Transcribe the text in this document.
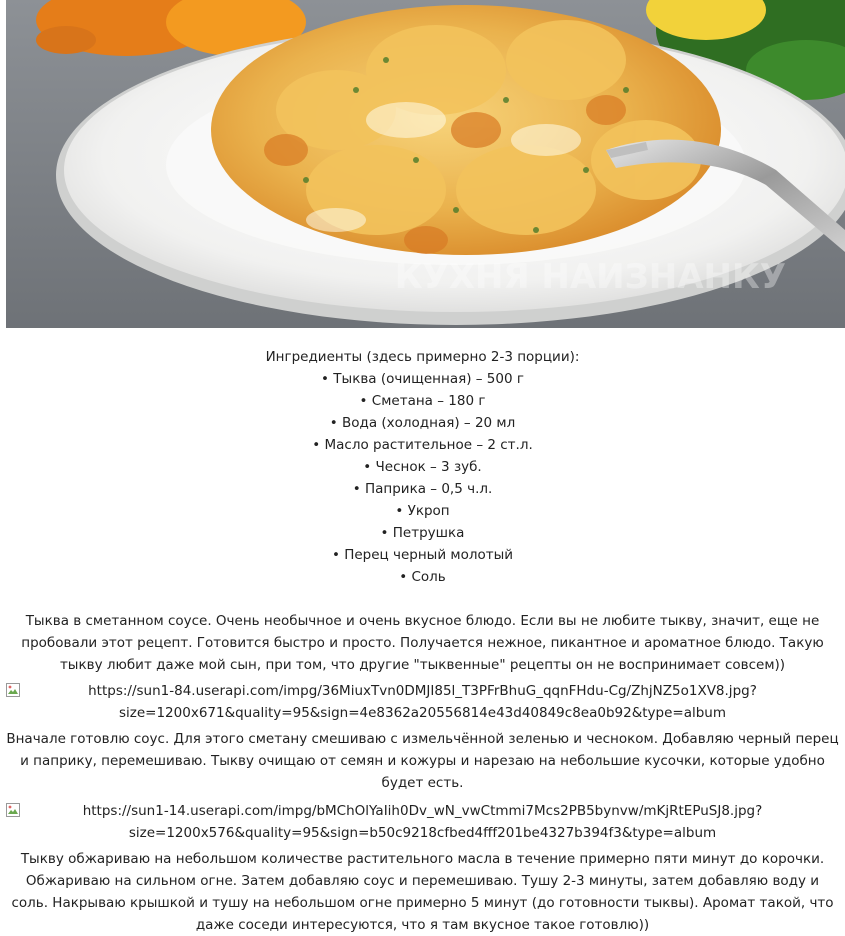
КУХНЯ НАИЗНАНКУ

Ингредиенты (здесь примерно 2-3 порции):

• Тыква (очищенная) – 500 г
• Сметана – 180 г
• Вода (холодная) – 20 мл
• Масло растительное – 2 ст.л.
• Чеснок – 3 зуб.
• Паприка – 0,5 ч.л.
• Укроп
• Петрушка
• Перец черный молотый
• Соль

Тыква в сметанном соусе. Очень необычное и очень вкусное блюдо. Если вы не любите тыкву, значит, еще не пробовали этот рецепт. Готовится быстро и просто. Получается нежное, пикантное и ароматное блюдо. Такую тыкву любит даже мой сын, при том, что другие "тыквенные" рецепты он не воспринимает совсем))

https://sun1-84.userapi.com/impg/36MiuxTvn0DMJI85l_T3PFrBhuG_qqnFHdu-Cg/ZhjNZ5o1XV8.jpg?size=1200x671&quality=95&sign=4e8362a20556814e43d40849c8ea0b92&type=album

Вначале готовлю соус. Для этого сметану смешиваю с измельчённой зеленью и чесноком. Добавляю черный перец и паприку, перемешиваю. Тыкву очищаю от семян и кожуры и нарезаю на небольшие кусочки, которые удобно будет есть.

https://sun1-14.userapi.com/impg/bMChOlYaIih0Dv_wN_vwCtmmi7Mcs2PB5bynvw/mKjRtEPuSJ8.jpg?size=1200x576&quality=95&sign=b50c9218cfbed4fff201be4327b394f3&type=album

Тыкву обжариваю на небольшом количестве растительного масла в течение примерно пяти минут до корочки. Обжариваю на сильном огне. Затем добавляю соус и перемешиваю. Тушу 2-3 минуты, затем добавляю воду и соль. Накрываю крышкой и тушу на небольшом огне примерно 5 минут (до готовности тыквы). Аромат такой, что даже соседи интересуются, что я там вкусное такое готовлю))
